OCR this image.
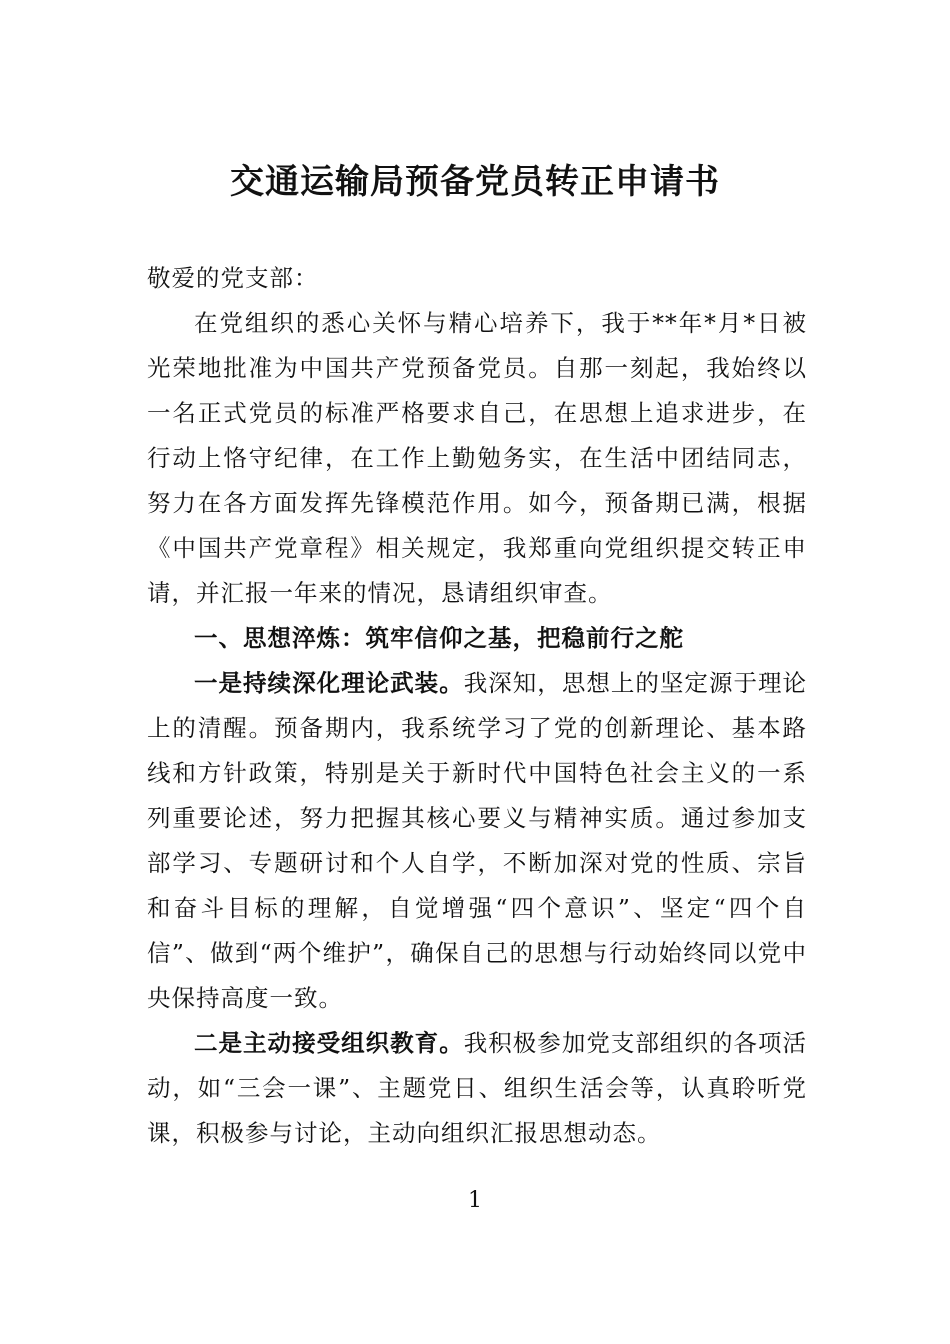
交通运输局预备党员转正申请书
敬爱的党支部：

在党组织的悉心关怀与精心培养下，我于**年*月*日被光荣地批准为中国共产党预备党员。自那一刻起，我始终以一名正式党员的标准严格要求自己，在思想上追求进步，在行动上恪守纪律，在工作上勤勉务实，在生活中团结同志，努力在各方面发挥先锋模范作用。如今，预备期已满，根据《中国共产党章程》相关规定，我郑重向党组织提交转正申请，并汇报一年来的情况，恳请组织审查。

一、思想淬炼：筑牢信仰之基，把稳前行之舵

一是持续深化理论武装。我深知，思想上的坚定源于理论上的清醒。预备期内，我系统学习了党的创新理论、基本路线和方针政策，特别是关于新时代中国特色社会主义的一系列重要论述，努力把握其核心要义与精神实质。通过参加支部学习、专题研讨和个人自学，不断加深对党的性质、宗旨和奋斗目标的理解，自觉增强“四个意识”、坚定“四个自信”、做到“两个维护”，确保自己的思想与行动始终同以党中央保持高度一致。

二是主动接受组织教育。我积极参加党支部组织的各项活动，如“三会一课”、主题党日、组织生活会等，认真聆听党课，积极参与讨论，主动向组织汇报思想动态。

1
